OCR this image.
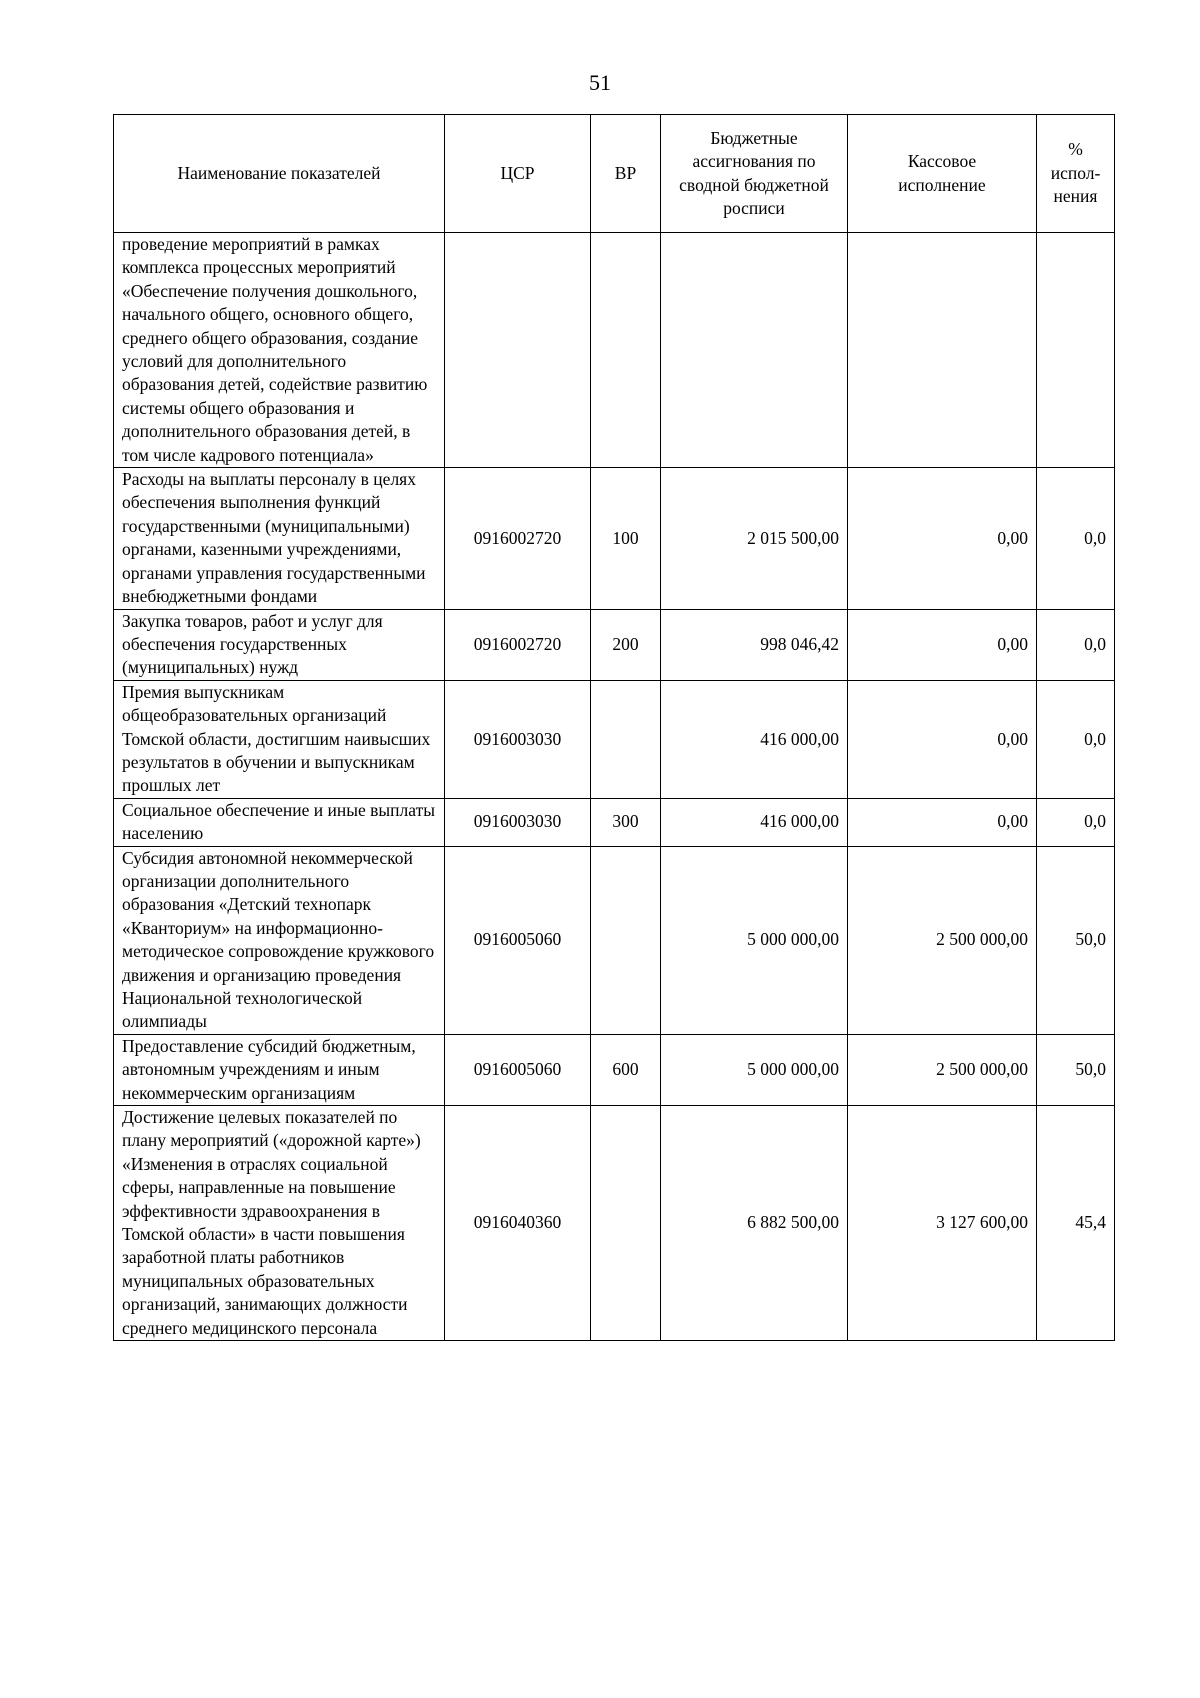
51
Наименование показателей	ЦСР	ВР	Бюджетные ассигнования по сводной бюджетной росписи	Кассовое исполнение	% испол-нения
проведение мероприятий в рамках комплекса процессных мероприятий «Обеспечение получения дошкольного, начального общего, основного общего, среднего общего образования, создание условий для дополнительного образования детей, содействие развитию системы общего образования и дополнительного образования детей, в том числе кадрового потенциала»					
Расходы на выплаты персоналу в целях обеспечения выполнения функций государственными (муниципальными) органами, казенными учреждениями, органами управления государственными внебюджетными фондами	0916002720	100	2 015 500,00	0,00	0,0
Закупка товаров, работ и услуг для обеспечения государственных (муниципальных) нужд	0916002720	200	998 046,42	0,00	0,0
Премия выпускникам общеобразовательных организаций Томской области, достигшим наивысших результатов в обучении и выпускникам прошлых лет	0916003030		416 000,00	0,00	0,0
Социальное обеспечение и иные выплаты населению	0916003030	300	416 000,00	0,00	0,0
Субсидия автономной некоммерческой организации дополнительного образования «Детский технопарк «Кванториум» на информационно-методическое сопровождение кружкового движения и организацию проведения Национальной технологической олимпиады	0916005060		5 000 000,00	2 500 000,00	50,0
Предоставление субсидий бюджетным, автономным учреждениям и иным некоммерческим организациям	0916005060	600	5 000 000,00	2 500 000,00	50,0
Достижение целевых показателей по плану мероприятий («дорожной карте») «Изменения в отраслях социальной сферы, направленные на повышение эффективности здравоохранения в Томской области» в части повышения заработной платы работников муниципальных образовательных организаций, занимающих должности среднего медицинского персонала	0916040360		6 882 500,00	3 127 600,00	45,4
